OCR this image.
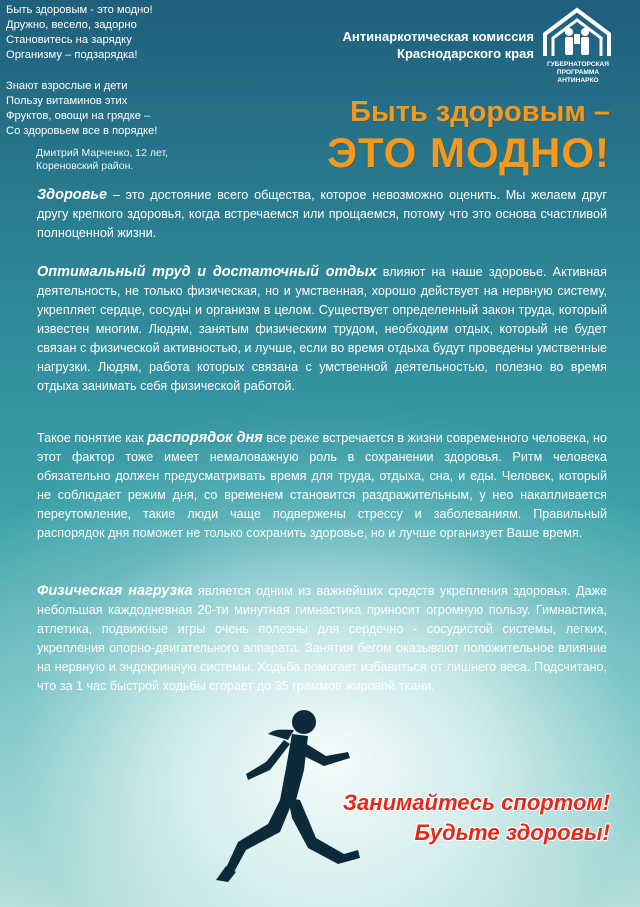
Быть здоровым - это модно!
Дружно, весело, задорно
Становитесь на зарядку
Организму – подзарядка!
Знают взрослые и дети
Пользу витаминов этих
Фруктов, овощи на грядке –
Со здоровьем все в порядке!
Дмитрий Марченко, 12 лет,
Кореновский район.
Антинаркотическая комиссия
Краснодарского края
ГУБЕРНАТОРСКАЯ
ПРОГРАММА
АНТИНАРКО
Быть здоровым –
ЭТО МОДНО!
Здоровье – это достояние всего общества, которое невозможно оценить. Мы желаем друг другу крепкого здоровья, когда встречаемся или прощаемся, потому что это основа счастливой полноценной жизни.
Оптимальный труд и достаточный отдых влияют на наше здоровье. Активная деятельность, не только физическая, но и умственная, хорошо действует на нервную систему, укрепляет сердце, сосуды и организм в целом. Существует определенный закон труда, который известен многим. Людям, занятым физическим трудом, необходим отдых, который не будет связан с физической активностью, и лучше, если во время отдыха будут проведены умственные нагрузки. Людям, работа которых связана с умственной деятельностью, полезно во время отдыха занимать себя физической работой.
Такое понятие как распорядок дня все реже встречается в жизни современного человека, но этот фактор тоже имеет немаловажную роль в сохранении здоровья. Ритм человека обязательно должен предусматривать время для труда, отдыха, сна, и еды. Человек, который не соблюдает режим дня, со временем становится раздражительным, у нео накапливается переутомление, такие люди чаще подвержены стрессу и заболеваниям. Правильный распорядок дня поможет не только сохранить здоровье, но и лучше организует Ваше время.
Физическая нагрузка является одним из важнейших средств укрепления здоровья. Даже небольшая каждодневная 20-ти минутная гимнастика приносит огромную пользу. Гимнастика, атлетика, подвижные игры очень полезны для сердечно - сосудистой системы, легких, укрепления опорно-двигательного аппарата. Занятия бегом оказывают положительное влияние на нервную и эндокринную системы. Ходьба помогает избавиться от лишнего веса. Подсчитано, что за 1 час быстрой ходьбы сгорает до 35 граммов жировой ткани.
Занимайтесь спортом!
Будьте здоровы!
